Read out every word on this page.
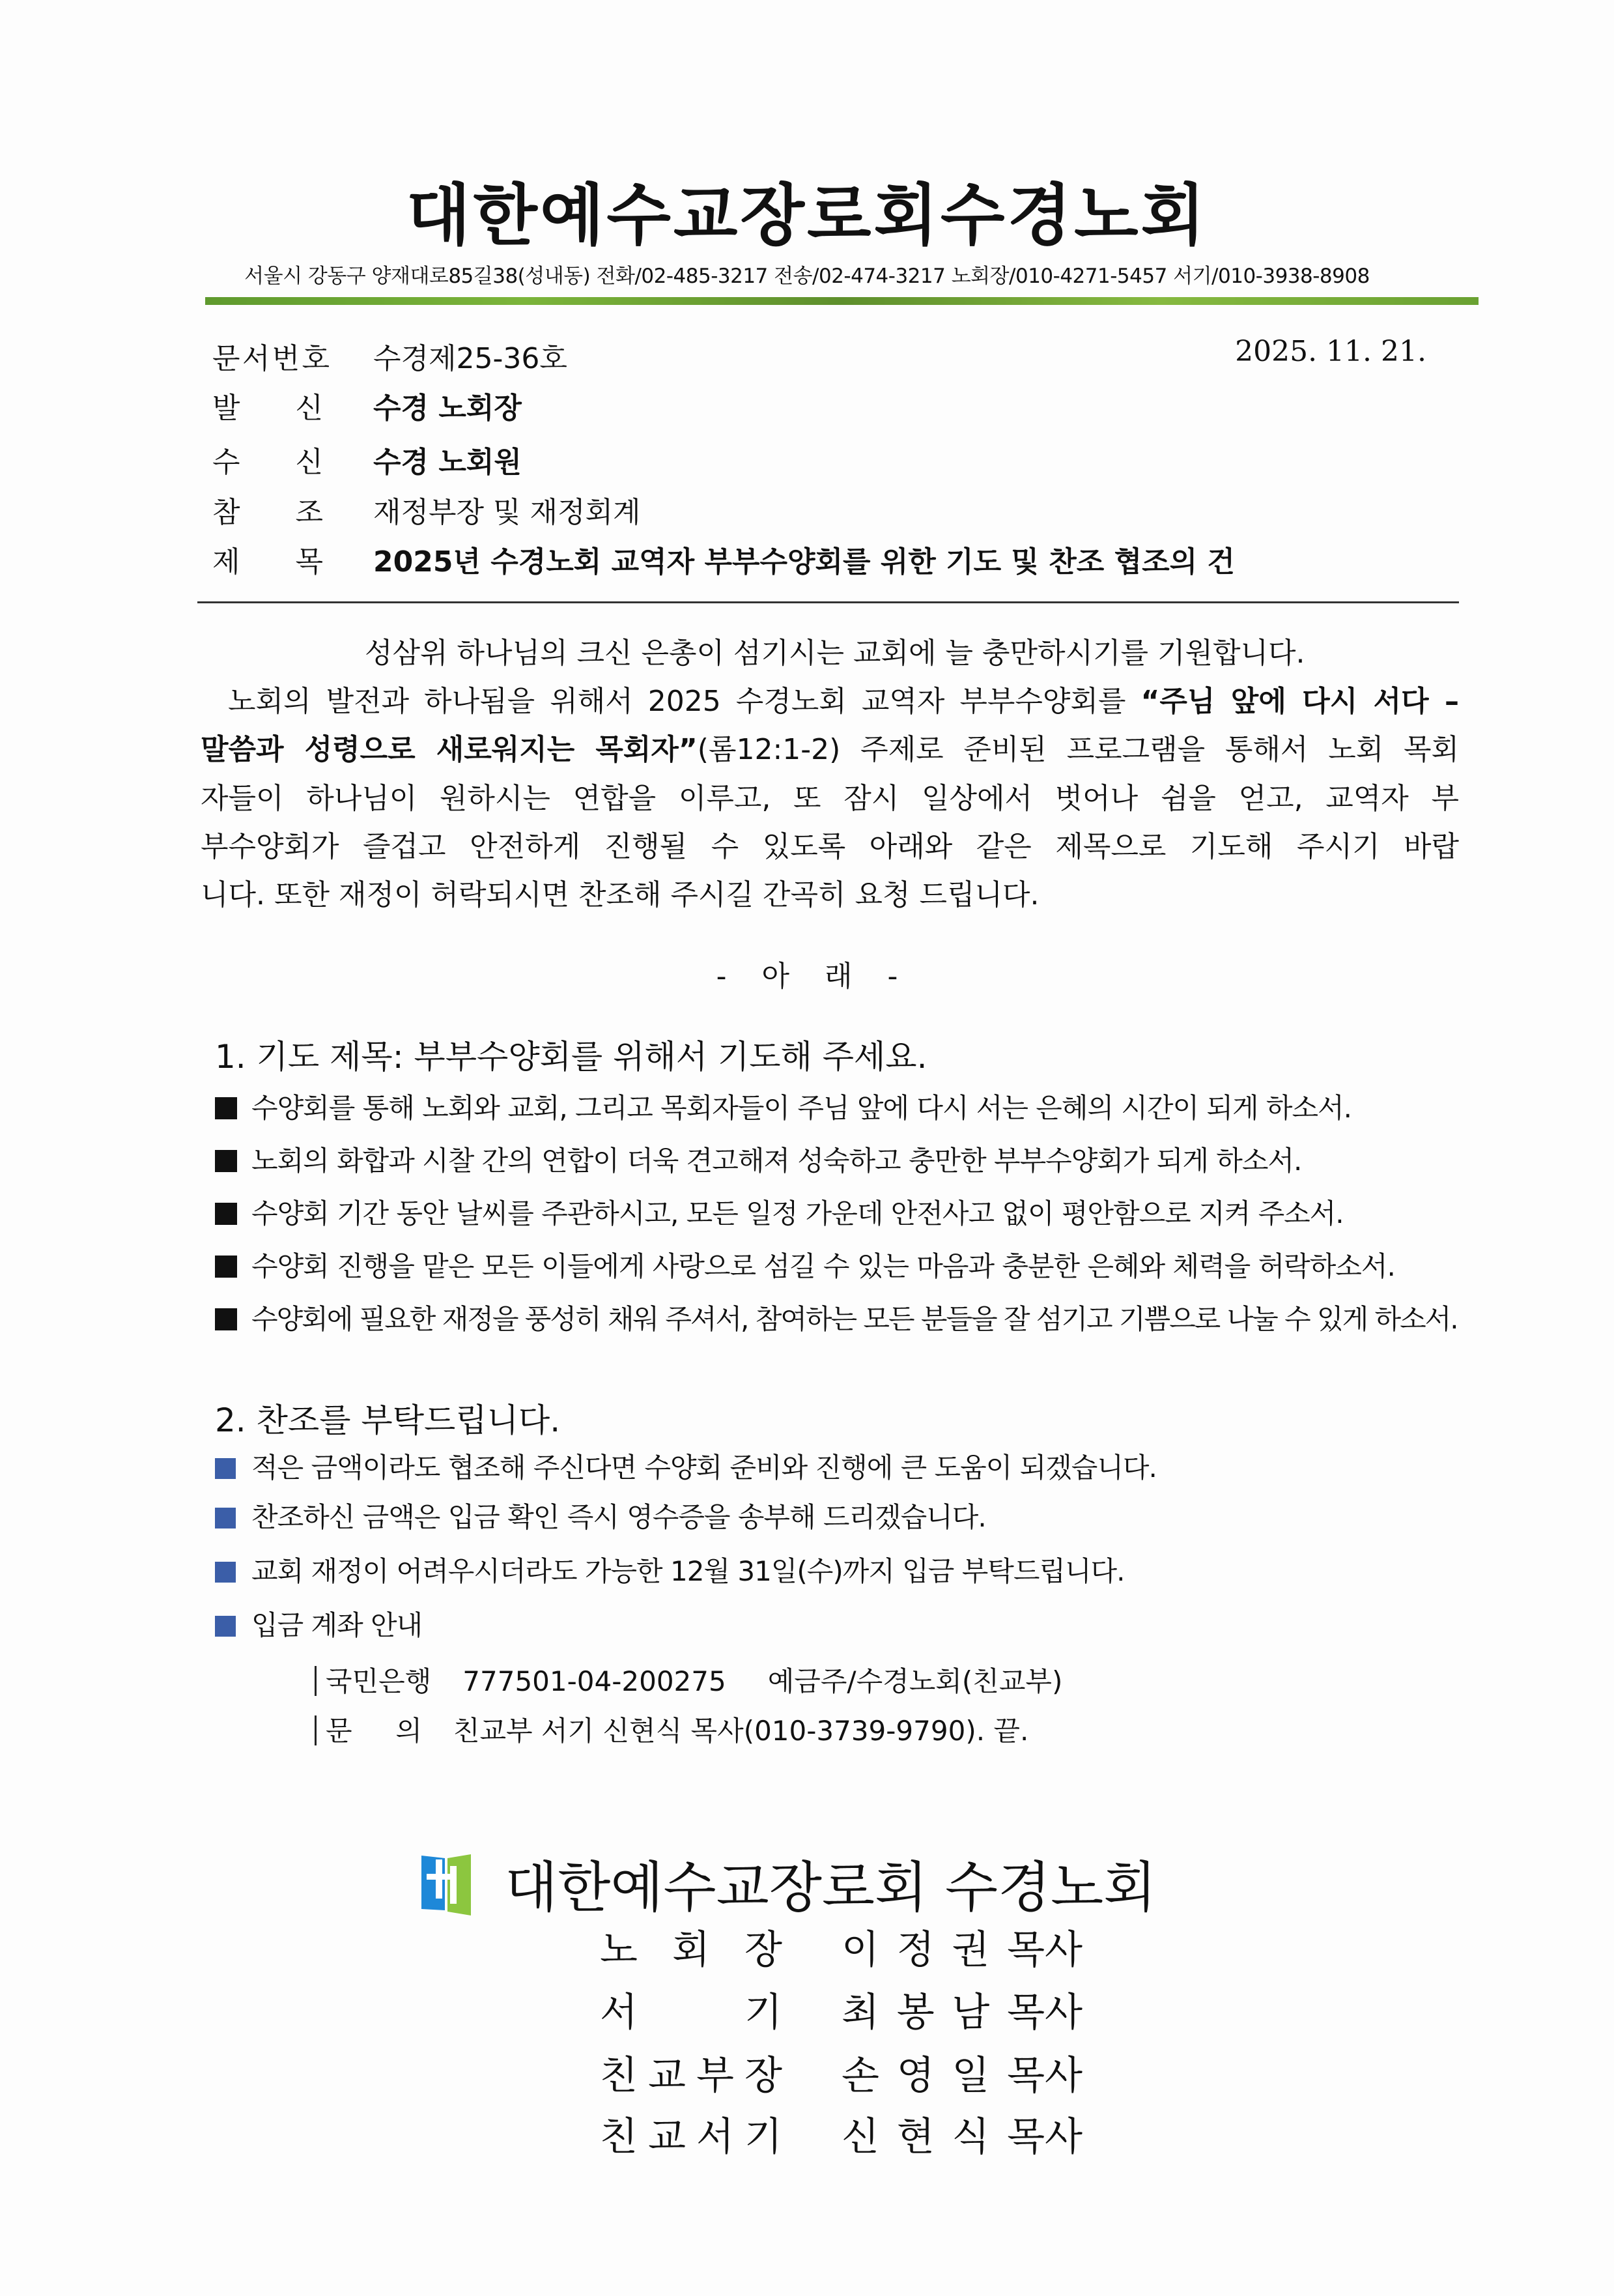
대한예수교장로회수경노회
서울시 강동구 양재대로85길38(성내동) 전화/02-485-3217 전송/02-474-3217 노회장/010-4271-5457 서기/010-3938-8908
문 서 번 호 수경제25-36호	2025. 11. 21.
발 신 수경 노회장
수 신 수경 노회원
참 조 재정부장 및 재정회계
제 목 2025년 수경노회 교역자 부부수양회를 위한 기도 및 찬조 협조의 건
성삼위 하나님의 크신 은총이 섬기시는 교회에 늘 충만하시기를 기원합니다.
노회의 발전과 하나됨을 위해서 2025 수경노회 교역자 부부수양회를 “주님 앞에 다시 서다 –
말씀과 성령으로 새로워지는 목회자”(롬12:1-2) 주제로 준비된 프로그램을 통해서 노회 목회
자들이 하나님이 원하시는 연합을 이루고, 또 잠시 일상에서 벗어나 쉼을 얻고, 교역자 부
부수양회가 즐겁고 안전하게 진행될 수 있도록 아래와 같은 제목으로 기도해 주시기 바랍
니다. 또한 재정이 허락되시면 찬조해 주시길 간곡히 요청 드립니다.
- 아 래 -
1. 기도 제목: 부부수양회를 위해서 기도해 주세요.
수양회를 통해 노회와 교회, 그리고 목회자들이 주님 앞에 다시 서는 은혜의 시간이 되게 하소서.
노회의 화합과 시찰 간의 연합이 더욱 견고해져 성숙하고 충만한 부부수양회가 되게 하소서.
수양회 기간 동안 날씨를 주관하시고, 모든 일정 가운데 안전사고 없이 평안함으로 지켜 주소서.
수양회 진행을 맡은 모든 이들에게 사랑으로 섬길 수 있는 마음과 충분한 은혜와 체력을 허락하소서.
수양회에 필요한 재정을 풍성히 채워 주셔서, 참여하는 모든 분들을 잘 섬기고 기쁨으로 나눌 수 있게 하소서.
2. 찬조를 부탁드립니다.
적은 금액이라도 협조해 주신다면 수양회 준비와 진행에 큰 도움이 되겠습니다.
찬조하신 금액은 입금 확인 즉시 영수증을 송부해 드리겠습니다.
교회 재정이 어려우시더라도 가능한 12월 31일(수)까지 입금 부탁드립니다.
입금 계좌 안내
국민은행 777501-04-200275 예금주/수경노회(친교부)
문     의 친교부 서기 신현식 목사(010-3739-9790). 끝.
대한예수교장로회 수경노회
노 회 장 이 정 권 목사
서	기 최 봉 남 목사
친 교 부 장 손 영 일 목사
친 교 서 기 신 현 식 목사
